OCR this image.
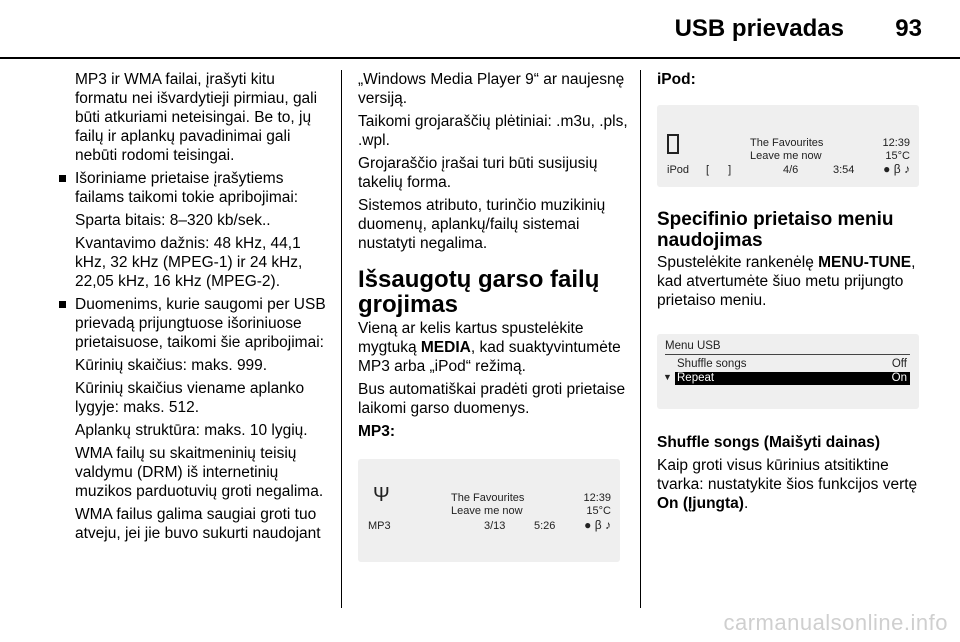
USB prievadas 93

MP3 ir WMA failai, įrašyti kitu formatu nei išvardytieji pirmiau, gali būti atkuriami neteisingai. Be to, jų failų ir aplankų pavadinimai gali nebūti rodomi teisingai.

Išoriniame prietaise įrašytiems failams taikomi tokie apribojimai:

Sparta bitais: 8–320 kb/sek..

Kvantavimo dažnis: 48 kHz, 44,1 kHz, 32 kHz (MPEG-1) ir 24 kHz, 22,05 kHz, 16 kHz (MPEG-2).

Duomenims, kurie saugomi per USB prievadą prijungtuose išoriniuose prietaisuose, taikomi šie apribojimai:

Kūrinių skaičius: maks. 999.

Kūrinių skaičius viename aplanko lygyje: maks. 512.

Aplankų struktūra: maks. 10 lygių.

WMA failų su skaitmeninių teisių valdymu (DRM) iš internetinių muzikos parduotuvių groti negalima.

WMA failus galima saugiai groti tuo atveju, jei jie buvo sukurti naudojant

„Windows Media Player 9“ ar naujesnę versiją.

Taikomi grojaraščių plėtiniai: .m3u, .pls, .wpl.

Grojaraščio įrašai turi būti susijusių takelių forma.

Sistemos atributo, turinčio muzikinių duomenų, aplankų/failų sistemai nustatyti negalima.

Išsaugotų garso failų grojimas

Vieną ar kelis kartus spustelėkite mygtuką MEDIA, kad suaktyvintumėte MP3 arba „iPod“ režimą.

Bus automatiškai pradėti groti prietaise laikomi garso duomenys.

MP3:

Ψ	The Favourites	12:39
Leave me now	15°C
MP3	3/13	5:26 ● β ♪

iPod:

The Favourites	12:39
Leave me now	15°C
iPod [ ]	4/6	3:54 ● β ♪
Specifinio prietaiso meniu naudojimas

Spustelėkite rankenėlę MENU-TUNE, kad atvertumėte šiuo metu prijungto prietaiso meniu.

Menu USB
Shuffle songs	Off
▼ Repeat	On

Shuffle songs (Maišyti dainas)

Kaip groti visus kūrinius atsitiktine tvarka: nustatykite šios funkcijos vertę On (Įjungta).

carmanualsonline.info
